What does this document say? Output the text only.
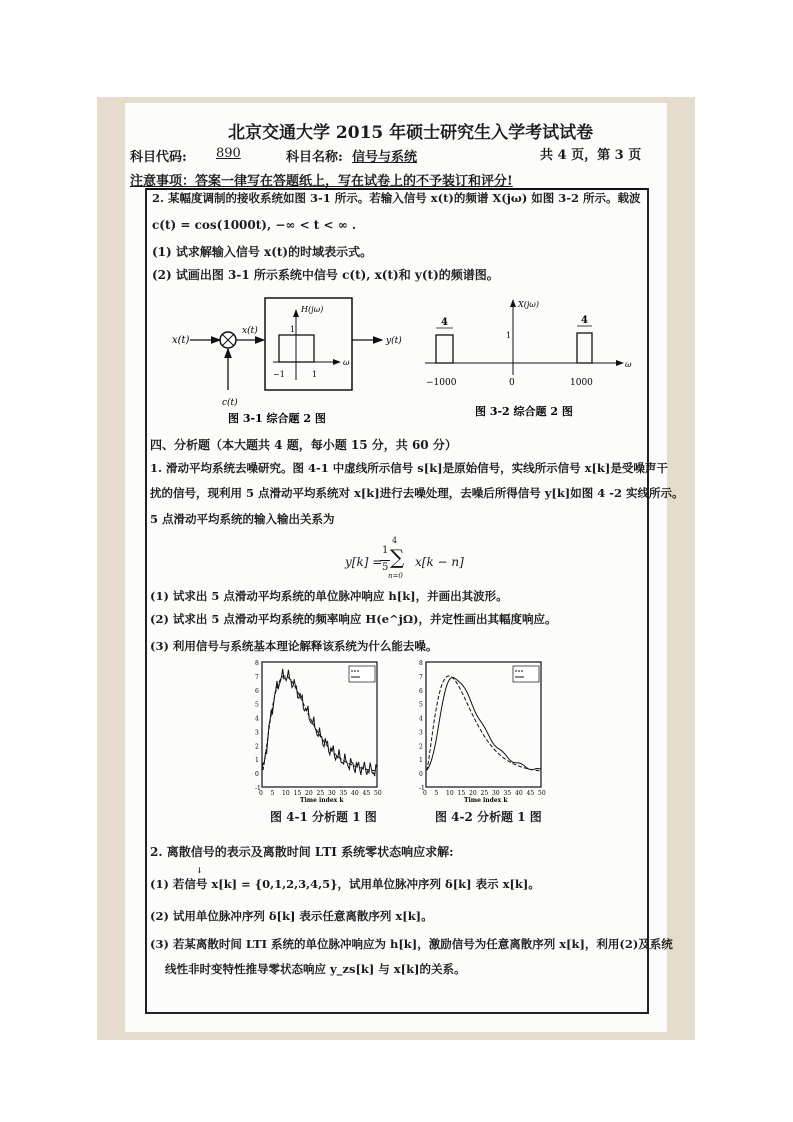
北京交通大学 2015 年硕士研究生入学考试试卷
科目代码:	890	科目名称: 信号与系统	共 4 页，第 3 页
注意事项：答案一律写在答题纸上，写在试卷上的不予装订和评分!
2. 某幅度调制的接收系统如图 3-1 所示。若输入信号 x(t)的频谱 X(jω) 如图 3-2 所示。载波
c(t) = cos(1000t), −∞ < t < ∞ .
(1) 试求解输入信号 x(t)的时域表示式。
(2) 试画出图 3-1 所示系统中信号 c(t), x(t)和 y(t)的频谱图。
x(t)
c(t)
x(t)
H(jω)
1
−1	1
ω
y(t)
图 3-1 综合题 2 图
X(jω)
4	4
1
−1000	0	1000
ω
图 3-2 综合题 2 图
四、分析题（本大题共 4 题，每小题 15 分，共 60 分）
1. 滑动平均系统去噪研究。图 4-1 中虚线所示信号 s[k]是原始信号，实线所示信号 x[k]是受噪声干
扰的信号，现利用 5 点滑动平均系统对 x[k]进行去噪处理，去噪后所得信号 y[k]如图 4 -2 实线所示。
5 点滑动平均系统的输入输出关系为
y[k] =
1
5
4
∑
n=0
x[k − n]
(1) 试求出 5 点滑动平均系统的单位脉冲响应 h[k]，并画出其波形。
(2) 试求出 5 点滑动平均系统的频率响应 H(e^jΩ)，并定性画出其幅度响应。
(3) 利用信号与系统基本理论解释该系统为什么能去噪。
-1
0
1
2
3
4
5
6
7
8
0 5 10 15 20 25 30 35 40 45 50
Time index k
-1
0
1
2
3
4
5
6
7
8
0 5 10 15 20 25 30 35 40 45 50
Time index k
图 4-1 分析题 1 图	图 4-2 分析题 1 图
2. 离散信号的表示及离散时间 LTI 系统零状态响应求解:
↓
(1) 若信号 x[k] = {0,1,2,3,4,5}，试用单位脉冲序列 δ[k] 表示 x[k]。
(2) 试用单位脉冲序列 δ[k] 表示任意离散序列 x[k]。
(3) 若某离散时间 LTI 系统的单位脉冲响应为 h[k]，激励信号为任意离散序列 x[k]，利用(2)及系统
线性非时变特性推导零状态响应 y_zs[k] 与 x[k]的关系。
